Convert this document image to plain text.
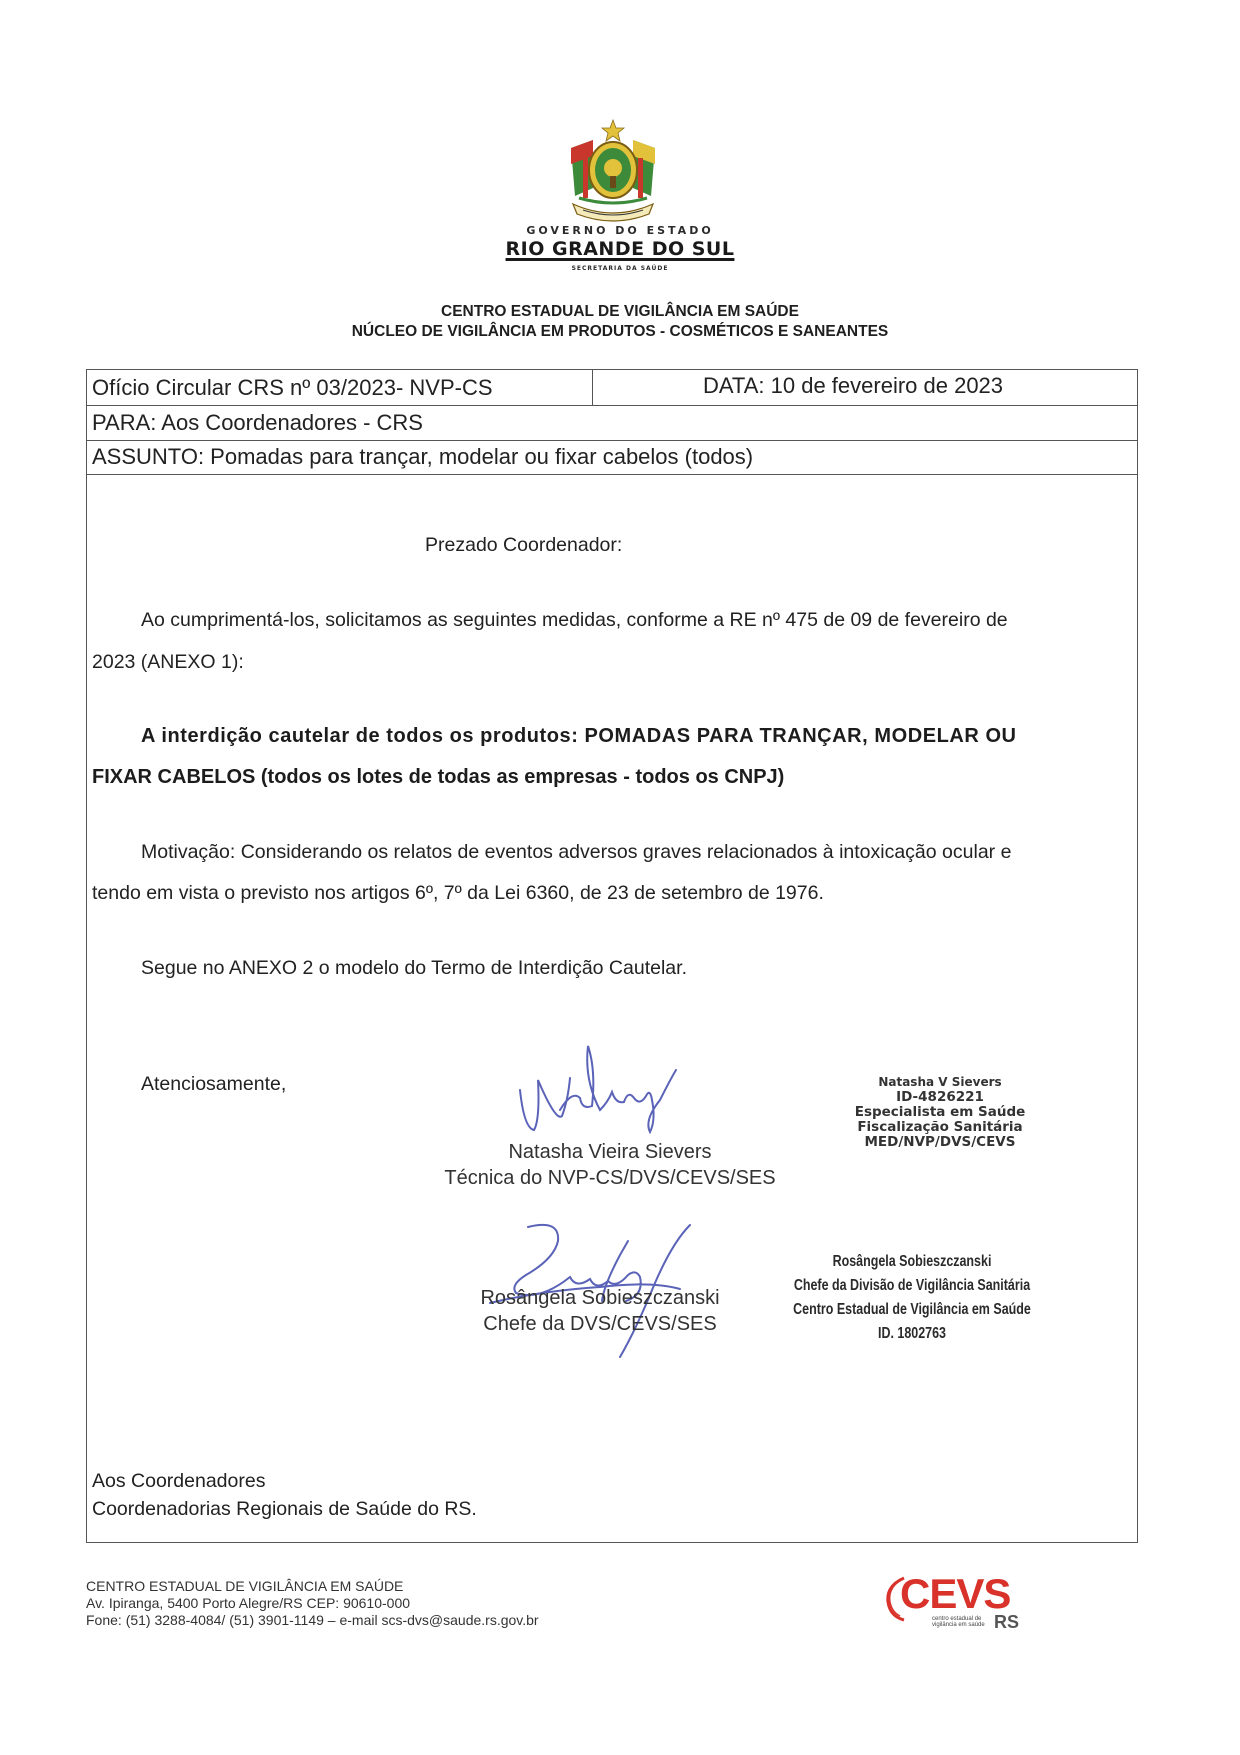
GOVERNO DO ESTADO
RIO GRANDE DO SUL
SECRETARIA DA SAÚDE
CENTRO ESTADUAL DE VIGILÂNCIA EM SAÚDE
NÚCLEO DE VIGILÂNCIA EM PRODUTOS - COSMÉTICOS E SANEANTES
Ofício Circular CRS nº 03/2023- NVP-CS	DATA: 10 de fevereiro de 2023
PARA: Aos Coordenadores - CRS
ASSUNTO: Pomadas para trançar, modelar ou fixar cabelos (todos)
Prezado Coordenador:
Ao cumprimentá-los, solicitamos as seguintes medidas, conforme a RE nº 475 de 09 de fevereiro de
2023 (ANEXO 1):
A interdição cautelar de todos os produtos: POMADAS PARA TRANÇAR, MODELAR OU
FIXAR CABELOS (todos os lotes de todas as empresas - todos os CNPJ)
Motivação: Considerando os relatos de eventos adversos graves relacionados à intoxicação ocular e
tendo em vista o previsto nos artigos 6º, 7º da Lei 6360, de 23 de setembro de 1976.
Segue no ANEXO 2 o modelo do Termo de Interdição Cautelar.
Atenciosamente,
Natasha Vieira Sievers
Técnica do NVP-CS/DVS/CEVS/SES
Natasha V Sievers
ID-4826221
Especialista em Saúde
Fiscalização Sanitária
MED/NVP/DVS/CEVS
Rosângela Sobieszczanski
Chefe da DVS/CEVS/SES
Rosângela Sobieszczanski
Chefe da Divisão de Vigilância Sanitária
Centro Estadual de Vigilância em Saúde
ID. 1802763
Aos Coordenadores
Coordenadorias Regionais de Saúde do RS.
CENTRO ESTADUAL DE VIGILÂNCIA EM SAÚDE
Av. Ipiranga, 5400 Porto Alegre/RS CEP: 90610-000
Fone: (51) 3288-4084/ (51) 3901-1149 – e-mail scs-dvs@saude.rs.gov.br
CEVS
centro estadual de vigilância em saúde RS
